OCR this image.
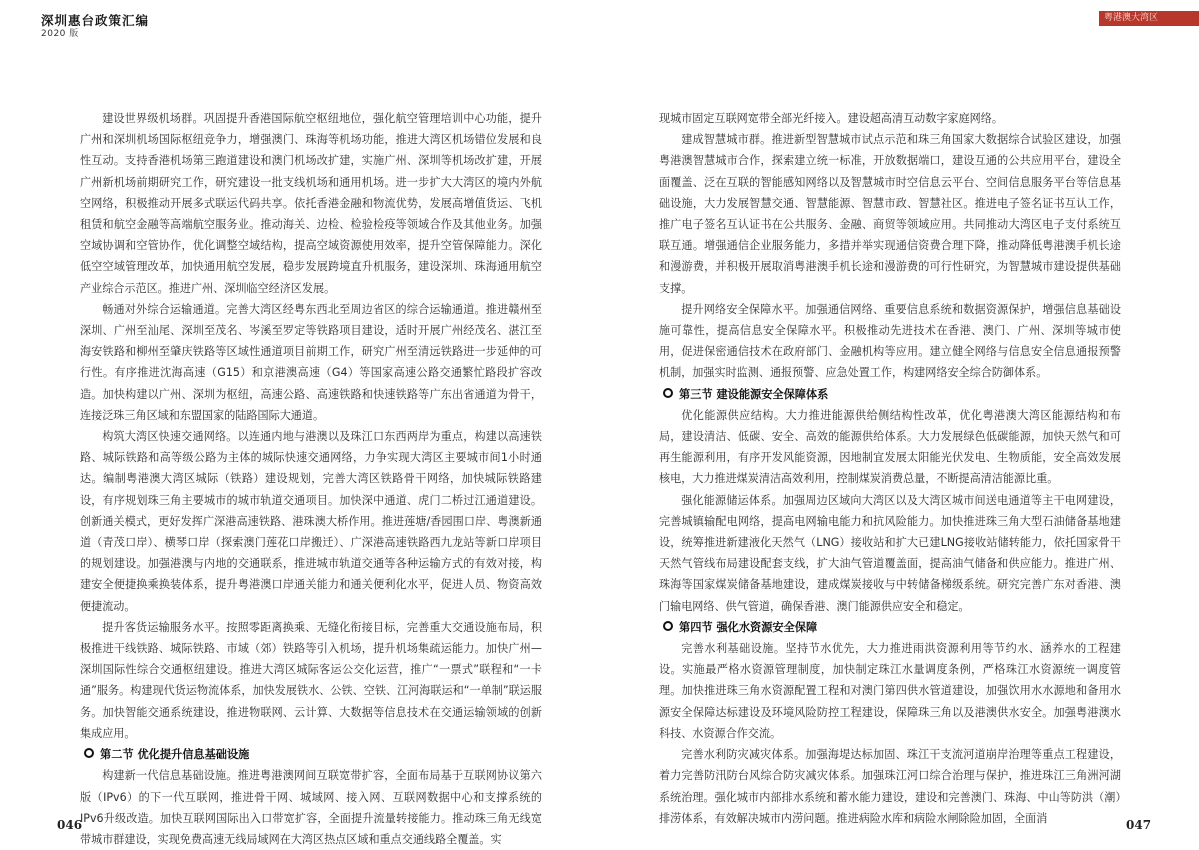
深圳惠台政策汇编
2020 版
粤港澳大湾区

建设世界级机场群。巩固提升香港国际航空枢纽地位，强化航空管理培训中心功能，提升广州和深圳机场国际枢纽竞争力，增强澳门、珠海等机场功能，推进大湾区机场错位发展和良性互动。支持香港机场第三跑道建设和澳门机场改扩建，实施广州、深圳等机场改扩建，开展广州新机场前期研究工作，研究建设一批支线机场和通用机场。进一步扩大大湾区的境内外航空网络，积极推动开展多式联运代码共享。依托香港金融和物流优势，发展高增值货运、飞机租赁和航空金融等高端航空服务业。推动海关、边检、检验检疫等领域合作及其他业务。加强空域协调和空管协作，优化调整空域结构，提高空域资源使用效率，提升空管保障能力。深化低空空域管理改革，加快通用航空发展，稳步发展跨境直升机服务，建设深圳、珠海通用航空产业综合示范区。推进广州、深圳临空经济区发展。

畅通对外综合运输通道。完善大湾区经粤东西北至周边省区的综合运输通道。推进赣州至深圳、广州至汕尾、深圳至茂名、岑溪至罗定等铁路项目建设，适时开展广州经茂名、湛江至海安铁路和柳州至肇庆铁路等区域性通道项目前期工作，研究广州至清远铁路进一步延伸的可行性。有序推进沈海高速（G15）和京港澳高速（G4）等国家高速公路交通繁忙路段扩容改造。加快构建以广州、深圳为枢纽，高速公路、高速铁路和快速铁路等广东出省通道为骨干，连接泛珠三角区域和东盟国家的陆路国际大通道。

构筑大湾区快速交通网络。以连通内地与港澳以及珠江口东西两岸为重点，构建以高速铁路、城际铁路和高等级公路为主体的城际快速交通网络，力争实现大湾区主要城市间1小时通达。编制粤港澳大湾区城际（铁路）建设规划，完善大湾区铁路骨干网络，加快城际铁路建设，有序规划珠三角主要城市的城市轨道交通项目。加快深中通道、虎门二桥过江通道建设。创新通关模式，更好发挥广深港高速铁路、港珠澳大桥作用。推进莲塘/香园围口岸、粤澳新通道（青茂口岸）、横琴口岸（探索澳门莲花口岸搬迁）、广深港高速铁路西九龙站等新口岸项目的规划建设。加强港澳与内地的交通联系，推进城市轨道交通等各种运输方式的有效对接，构建安全便捷换乘换装体系，提升粤港澳口岸通关能力和通关便利化水平，促进人员、物资高效便捷流动。

提升客货运输服务水平。按照零距离换乘、无缝化衔接目标，完善重大交通设施布局，积极推进干线铁路、城际铁路、市域（郊）铁路等引入机场，提升机场集疏运能力。加快广州—深圳国际性综合交通枢纽建设。推进大湾区城际客运公交化运营，推广“一票式”联程和“一卡通”服务。构建现代货运物流体系，加快发展铁水、公铁、空铁、江河海联运和“一单制”联运服务。加快智能交通系统建设，推进物联网、云计算、大数据等信息技术在交通运输领域的创新集成应用。

第二节 优化提升信息基础设施

构建新一代信息基础设施。推进粤港澳网间互联宽带扩容，全面布局基于互联网协议第六版（IPv6）的下一代互联网，推进骨干网、城域网、接入网、互联网数据中心和支撑系统的IPv6升级改造。加快互联网国际出入口带宽扩容，全面提升流量转接能力。推动珠三角无线宽带城市群建设，实现免费高速无线局域网在大湾区热点区域和重点交通线路全覆盖。实

现城市固定互联网宽带全部光纤接入。建设超高清互动数字家庭网络。

建成智慧城市群。推进新型智慧城市试点示范和珠三角国家大数据综合试验区建设，加强粤港澳智慧城市合作，探索建立统一标准，开放数据端口，建设互通的公共应用平台，建设全面覆盖、泛在互联的智能感知网络以及智慧城市时空信息云平台、空间信息服务平台等信息基础设施，大力发展智慧交通、智慧能源、智慧市政、智慧社区。推进电子签名证书互认工作，推广电子签名互认证书在公共服务、金融、商贸等领域应用。共同推动大湾区电子支付系统互联互通。增强通信企业服务能力，多措并举实现通信资费合理下降，推动降低粤港澳手机长途和漫游费，并积极开展取消粤港澳手机长途和漫游费的可行性研究，为智慧城市建设提供基础支撑。

提升网络安全保障水平。加强通信网络、重要信息系统和数据资源保护，增强信息基础设施可靠性，提高信息安全保障水平。积极推动先进技术在香港、澳门、广州、深圳等城市使用，促进保密通信技术在政府部门、金融机构等应用。建立健全网络与信息安全信息通报预警机制，加强实时监测、通报预警、应急处置工作，构建网络安全综合防御体系。

第三节 建设能源安全保障体系

优化能源供应结构。大力推进能源供给侧结构性改革，优化粤港澳大湾区能源结构和布局，建设清洁、低碳、安全、高效的能源供给体系。大力发展绿色低碳能源，加快天然气和可再生能源利用，有序开发风能资源，因地制宜发展太阳能光伏发电、生物质能，安全高效发展核电，大力推进煤炭清洁高效利用，控制煤炭消费总量，不断提高清洁能源比重。

强化能源储运体系。加强周边区域向大湾区以及大湾区城市间送电通道等主干电网建设，完善城镇输配电网络，提高电网输电能力和抗风险能力。加快推进珠三角大型石油储备基地建设，统筹推进新建液化天然气（LNG）接收站和扩大已建LNG接收站储转能力，依托国家骨干天然气管线布局建设配套支线，扩大油气管道覆盖面，提高油气储备和供应能力。推进广州、珠海等国家煤炭储备基地建设，建成煤炭接收与中转储备梯级系统。研究完善广东对香港、澳门输电网络、供气管道，确保香港、澳门能源供应安全和稳定。

第四节 强化水资源安全保障

完善水利基础设施。坚持节水优先，大力推进雨洪资源利用等节约水、涵养水的工程建设。实施最严格水资源管理制度，加快制定珠江水量调度条例，严格珠江水资源统一调度管理。加快推进珠三角水资源配置工程和对澳门第四供水管道建设，加强饮用水水源地和备用水源安全保障达标建设及环境风险防控工程建设，保障珠三角以及港澳供水安全。加强粤港澳水科技、水资源合作交流。

完善水利防灾减灾体系。加强海堤达标加固、珠江干支流河道崩岸治理等重点工程建设，着力完善防汛防台风综合防灾减灾体系。加强珠江河口综合治理与保护，推进珠江三角洲河湖系统治理。强化城市内部排水系统和蓄水能力建设，建设和完善澳门、珠海、中山等防洪（潮）排涝体系，有效解决城市内涝问题。推进病险水库和病险水闸除险加固，全面消

046	047
